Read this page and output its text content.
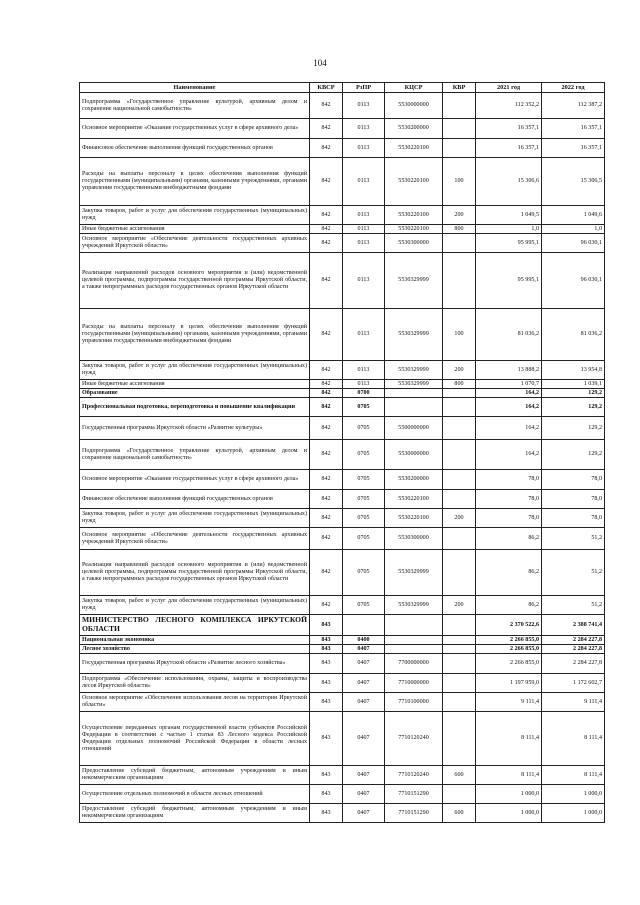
104
Наименование	КВСР	РзПР	КЦСР	КВР	2021 год	2022 год
Подпрограмма «Государственное управление культурой, архивным делом и сохранение национальной самобытности»	842	0113	5530000000		112 352,2	112 387,2
Основное мероприятие «Оказание государственных услуг в сфере архивного дела»	842	0113	5530200000		16 357,1	16 357,1
Финансовое обеспечение выполнения функций государственных органов	842	0113	5530220100		16 357,1	16 357,1
Расходы на выплаты персоналу в целях обеспечения выполнения функций государственными (муниципальными) органами, казенными учреждениями, органами управления государственными внебюджетными фондами	842	0113	5530220100	100	15 306,6	15 306,5
Закупка товаров, работ и услуг для обеспечения государственных (муниципальных) нужд	842	0113	5530220100	200	1 049,5	1 049,6
Иные бюджетные ассигнования	842	0113	5530220100	800	1,0	1,0
Основное мероприятие «Обеспечение деятельности государственных архивных учреждений Иркутской области»	842	0113	5530300000		95 995,1	96 030,1
Реализация направлений расходов основного мероприятия и (или) ведомственной целевой программы, подпрограммы государственной программы Иркутской области, а также непрограммных расходов государственных органов Иркутской области	842	0113	5530329999		95 995,1	96 030,1
Расходы на выплаты персоналу в целях обеспечения выполнения функций государственными (муниципальными) органами, казенными учреждениями, органами управления государственными внебюджетными фондами	842	0113	5530329999	100	81 036,2	81 036,2
Закупка товаров, работ и услуг для обеспечения государственных (муниципальных) нужд	842	0113	5530329999	200	13 888,2	13 954,8
Иные бюджетные ассигнования	842	0113	5530329999	800	1 070,7	1 039,1
Образование	842	0700			164,2	129,2
Профессиональная подготовка, переподготовка и повышение квалификации	842	0705			164,2	129,2
Государственная программа Иркутской области «Развитие культуры»	842	0705	5500000000		164,2	129,2
Подпрограмма «Государственное управление культурой, архивным делом и сохранение национальной самобытности»	842	0705	5530000000		164,2	129,2
Основное мероприятие «Оказание государственных услуг в сфере архивного дела»	842	0705	5530200000		78,0	78,0
Финансовое обеспечение выполнения функций государственных органов	842	0705	5530220100		78,0	78,0
Закупка товаров, работ и услуг для обеспечения государственных (муниципальных) нужд	842	0705	5530220100	200	78,0	78,0
Основное мероприятие «Обеспечение деятельности государственных архивных учреждений Иркутской области»	842	0705	5530300000		86,2	51,2
Реализация направлений расходов основного мероприятия и (или) ведомственной целевой программы, подпрограммы государственной программы Иркутской области, а также непрограммных расходов государственных органов Иркутской области	842	0705	5530329999		86,2	51,2
Закупка товаров, работ и услуг для обеспечения государственных (муниципальных) нужд	842	0705	5530329999	200	86,2	51,2
МИНИСТЕРСТВО ЛЕСНОГО КОМПЛЕКСА ИРКУТСКОЙ ОБЛАСТИ	843				2 370 522,6	2 388 741,4
Национальная экономика	843	0400			2 266 855,0	2 284 227,8
Лесное хозяйство	843	0407			2 266 855,0	2 284 227,8
Государственная программа Иркутской области «Развитие лесного хозяйства»	843	0407	7700000000		2 266 855,0	2 284 227,8
Подпрограмма «Обеспечение использования, охраны, защиты и воспроизводства лесов Иркутской области»	843	0407	7710000000		1 197 959,0	1 172 602,7
Основное мероприятие «Обеспечение использования лесов на территории Иркутской области»	843	0407	7710100000		9 111,4	9 111,4
Осуществление переданных органам государственной власти субъектов Российской Федерации в соответствии с частью 1 статьи 83 Лесного кодекса Российской Федерации отдельных полномочий Российской Федерации в области лесных отношений	843	0407	7710120240		8 111,4	8 111,4
Предоставление субсидий бюджетным, автономным учреждениям и иным некоммерческим организациям	843	0407	7710120240	600	8 111,4	8 111,4
Осуществление отдельных полномочий в области лесных отношений	843	0407	7710151290		1 000,0	1 000,0
Предоставление субсидий бюджетным, автономным учреждениям и иным некоммерческим организациям	843	0407	7710151290	600	1 000,0	1 000,0
